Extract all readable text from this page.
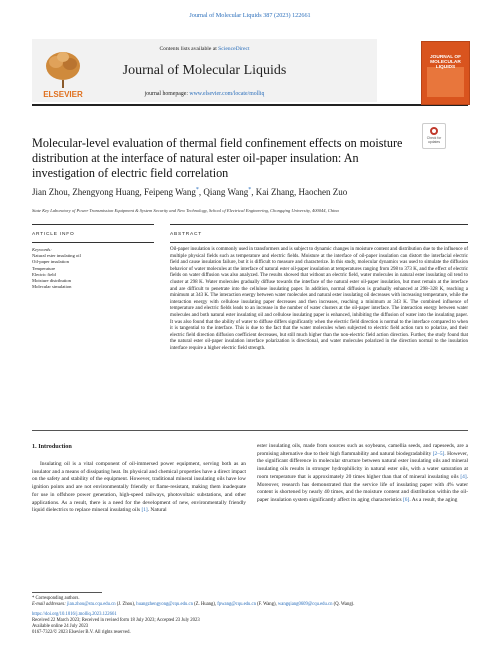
Journal of Molecular Liquids 387 (2023) 122661
ELSEVIER
Contents lists available at ScienceDirect
Journal of Molecular Liquids
journal homepage: www.elsevier.com/locate/molliq
JOURNAL OF MOLECULAR LIQUIDS
Check for updates
Molecular-level evaluation of thermal field confinement effects on moisture distribution at the interface of natural ester oil-paper insulation: An investigation of electric field correlation
Jian Zhou, Zhengyong Huang, Feipeng Wang*, Qiang Wang*, Kai Zhang, Haochen Zuo
State Key Laboratory of Power Transmission Equipment & System Security and New Technology, School of Electrical Engineering, Chongqing University, 400044, China
ARTICLE INFO	ABSTRACT
Keywords:
Natural ester insulating oil
Oil-paper insulation
Temperature
Electric field
Moisture distribution
Molecular simulation
Oil-paper insulation is commonly used in transformers and is subject to dynamic changes in moisture content and distribution due to the influence of multiple physical fields such as temperature and electric fields. Moisture at the interface of oil-paper insulation can distort the interfacial electric field and cause insulation failure, but it is difficult to measure and characterize. In this study, molecular dynamics was used to simulate the diffusion behavior of water molecules at the interface of natural ester oil-paper insulation at temperatures ranging from 298 to 373 K, and the effect of electric fields on water diffusion was also analyzed. The results showed that without an electric field, water molecules in natural ester insulating oil tend to cluster at 298 K. Water molecules gradually diffuse towards the interface of the natural ester oil-paper insulation, but most remain at the interface and are difficult to penetrate into the cellulose insulating paper. In addition, normal diffusion is gradually enhanced at 298–328 K, reaching a minimum at 343 K. The interaction energy between water molecules and natural ester insulating oil decreases with increasing temperature, while the interaction energy with cellulose insulating paper decreases and then increases, reaching a minimum at 343 K. The combined influence of temperature and electric fields leads to an increase in the number of water clusters at the oil-paper interface. The interaction energy between water molecules and both natural ester insulating oil and cellulose insulating paper is enhanced, inhibiting the diffusion of water into the insulating paper. It was also found that the ability of water to diffuse differs significantly when the electric field direction is normal to the interface compared to when it is tangential to the interface. This is due to the fact that the water molecules when subjected to electric field action turn to polarize, and their electric field direction diffusion coefficient decreases, but still much higher than the non-electric field action direction. Further, the study found that the natural ester oil-paper insulation interface polarization is directional, and water molecules polarized in the direction normal to the insulation interface require a higher electric field strength.
1. Introduction
Insulating oil is a vital component of oil-immersed power equipment, serving both as an insulator and a means of dissipating heat. Its physical and chemical properties have a direct impact on the safety and stability of the equipment. However, traditional mineral insulating oils have low ignition points and are not environmentally friendly or flame-resistant, making them inadequate for use in offshore power generation, high-speed railways, photovoltaic substations, and other applications. As a result, there is a need for the development of new, environmentally friendly liquid dielectrics to replace mineral insulating oils [1]. Natural
ester insulating oils, made from sources such as soybeans, camellia seeds, and rapeseeds, are a promising alternative due to their high flammability and natural biodegradability [2–5]. However, the significant difference in molecular structure between natural ester insulating oils and mineral insulating oils results in stronger hydrophilicity in natural ester oils, with a water saturation at room temperature that is approximately 20 times higher than that of mineral insulating oils [4]. Moreover, research has demonstrated that the service life of insulating paper with 4% water content is shortened by nearly 40 times, and the moisture content and distribution within the oil-paper insulation system significantly affect its aging characteristics [6]. As a result, the aging
* Corresponding authors.
E-mail addresses: jian.zhou@stu.cqu.edu.cn (J. Zhou), huangzhengyong@cqu.edu.cn (Z. Huang), fpwang@cqu.edu.cn (F. Wang), wangqiang0609@cqu.edu.cn (Q. Wang).
https://doi.org/10.1016/j.molliq.2023.122661
Received 22 March 2023; Received in revised form 18 July 2023; Accepted 23 July 2023
Available online 24 July 2023
0167-7322/© 2023 Elsevier B.V. All rights reserved.
